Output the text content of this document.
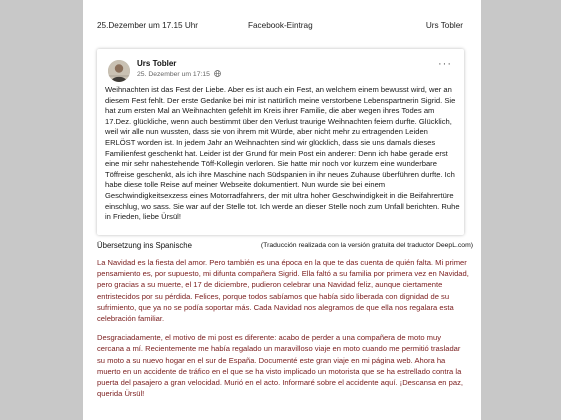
25.Dezember um 17.15 Uhr	Facebook-Eintrag	Urs Tobler
Urs Tobler
25. Dezember um 17:15
···

Weihnachten ist das Fest der Liebe. Aber es ist auch ein Fest, an welchem einem bewusst wird, wer an diesem Fest fehlt. Der erste Gedanke bei mir ist natürlich meine verstorbene Lebenspartnerin Sigrid. Sie hat zum ersten Mal an Weihnachten gefehlt im Kreis ihrer Familie, die aber wegen ihres Todes am 17.Dez. glückliche, wenn auch bestimmt über den Verlust traurige Weihnachten feiern durfte. Glücklich, weil wir alle nun wussten, dass sie von ihrem mit Würde, aber nicht mehr zu ertragenden Leiden ERLÖST worden ist. In jedem Jahr an Weihnachten sind wir glücklich, dass sie uns damals dieses Familienfest geschenkt hat. Leider ist der Grund für mein Post ein anderer: Denn ich habe gerade erst eine mir sehr nahestehende Töff-Kollegin verloren. Sie hatte mir noch vor kurzem eine wunderbare Töffreise geschenkt, als ich ihre Maschine nach Südspanien in ihr neues Zuhause überführen durfte. Ich habe diese tolle Reise auf meiner Webseite dokumentiert. Nun wurde sie bei einem Geschwindigkeitsexzess eines Motorradfahrers, der mit ultra hoher Geschwindigkeit in die Beifahrertüre einschlug, wo sass. Sie war auf der Stelle tot. Ich werde an dieser Stelle noch zum Unfall berichten. Ruhe in Frieden, liebe Ürsül!

Übersetzung ins Spanische	(Traducción realizada con la versión gratuita del traductor DeepL.com)

La Navidad es la fiesta del amor. Pero también es una época en la que te das cuenta de quién falta. Mi primer pensamiento es, por supuesto, mi difunta compañera Sigrid. Ella faltó a su familia por primera vez en Navidad, pero gracias a su muerte, el 17 de diciembre, pudieron celebrar una Navidad feliz, aunque ciertamente entristecidos por su pérdida. Felices, porque todos sabíamos que había sido liberada con dignidad de su sufrimiento, que ya no se podía soportar más. Cada Navidad nos alegramos de que ella nos regalara esta celebración familiar.

Desgraciadamente, el motivo de mi post es diferente: acabo de perder a una compañera de moto muy cercana a mí. Recientemente me había regalado un maravilloso viaje en moto cuando me permitió trasladar su moto a su nuevo hogar en el sur de España. Documenté este gran viaje en mi página web. Ahora ha muerto en un accidente de tráfico en el que se ha visto implicado un motorista que se ha estrellado contra la puerta del pasajero a gran velocidad. Murió en el acto. Informaré sobre el accidente aquí. ¡Descansa en paz, querida Ürsül!
